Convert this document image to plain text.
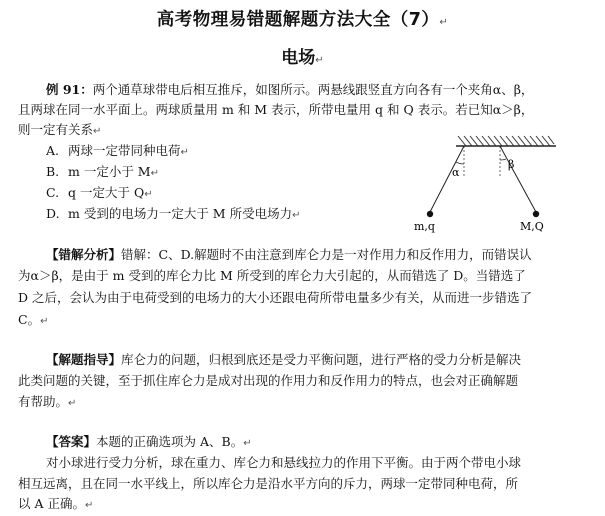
高考物理易错题解题方法大全（7）↵
电场↵
例 91：两个通草球带电后相互推斥，如图所示。两悬线跟竖直方向各有一个夹角α、β，
且两球在同一水平面上。两球质量用 m 和 M 表示，所带电量用 q 和 Q 表示。若已知α＞β，
则一定有关系↵
A. 两球一定带同种电荷↵
B. m 一定小于 M↵
C. q 一定大于 Q↵
D. m 受到的电场力一定大于 M 所受电场力↵
α
β
m,q	M,Q
【错解分析】错解：C、D.解题时不由注意到库仑力是一对作用力和反作用力，而错误认
为α＞β，是由于 m 受到的库仑力比 M 所受到的库仑力大引起的，从而错选了 D。当错选了
D 之后，会认为由于电荷受到的电场力的大小还跟电荷所带电量多少有关，从而进一步错选了
C。↵
【解题指导】库仑力的问题，归根到底还是受力平衡问题，进行严格的受力分析是解决
此类问题的关键，至于抓住库仑力是成对出现的作用力和反作用力的特点，也会对正确解题
有帮助。↵
【答案】本题的正确选项为 A、B。↵
对小球进行受力分析，球在重力、库仑力和悬线拉力的作用下平衡。由于两个带电小球
相互远离，且在同一水平线上，所以库仑力是沿水平方向的斥力，两球一定带同种电荷，所
以 A 正确。↵
